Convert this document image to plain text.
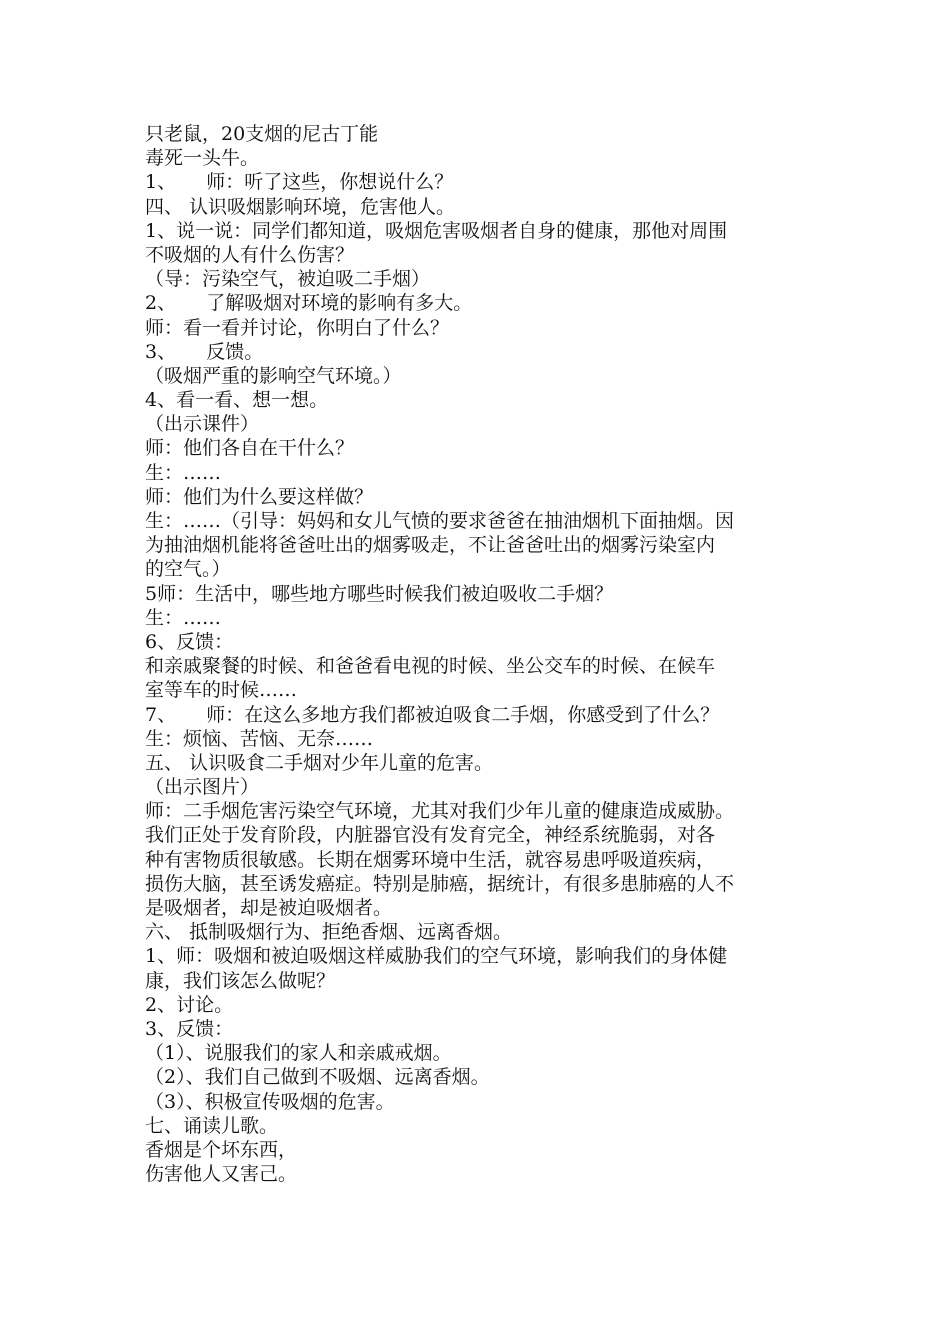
只老鼠，20支烟的尼古丁能
毒死一头牛。
1、     师：听了这些，你想说什么？
四、 认识吸烟影响环境，危害他人。
1、说一说：同学们都知道，吸烟危害吸烟者自身的健康，那他对周围
不吸烟的人有什么伤害？
（导：污染空气，被迫吸二手烟）
2、     了解吸烟对环境的影响有多大。
师：看一看并讨论，你明白了什么？
3、     反馈。
（吸烟严重的影响空气环境。）
4、看一看、想一想。
（出示课件）
师：他们各自在干什么？
生：……
师：他们为什么要这样做？
生：……（引导：妈妈和女儿气愤的要求爸爸在抽油烟机下面抽烟。因
为抽油烟机能将爸爸吐出的烟雾吸走，不让爸爸吐出的烟雾污染室内
的空气。）
5师：生活中，哪些地方哪些时候我们被迫吸收二手烟？
生：……
6、反馈：
和亲戚聚餐的时候、和爸爸看电视的时候、坐公交车的时候、在候车
室等车的时候……
7、     师：在这么多地方我们都被迫吸食二手烟，你感受到了什么？
生：烦恼、苦恼、无奈……
五、 认识吸食二手烟对少年儿童的危害。
（出示图片）
师：二手烟危害污染空气环境，尤其对我们少年儿童的健康造成威胁。
我们正处于发育阶段，内脏器官没有发育完全，神经系统脆弱，对各
种有害物质很敏感。长期在烟雾环境中生活，就容易患呼吸道疾病，
损伤大脑，甚至诱发癌症。特别是肺癌，据统计，有很多患肺癌的人不
是吸烟者，却是被迫吸烟者。
六、 抵制吸烟行为、拒绝香烟、远离香烟。
1、师：吸烟和被迫吸烟这样威胁我们的空气环境，影响我们的身体健
康，我们该怎么做呢？
2、讨论。
3、反馈：
（1）、说服我们的家人和亲戚戒烟。
（2）、我们自己做到不吸烟、远离香烟。
（3）、积极宣传吸烟的危害。
七、诵读儿歌。
香烟是个坏东西，
伤害他人又害己。
